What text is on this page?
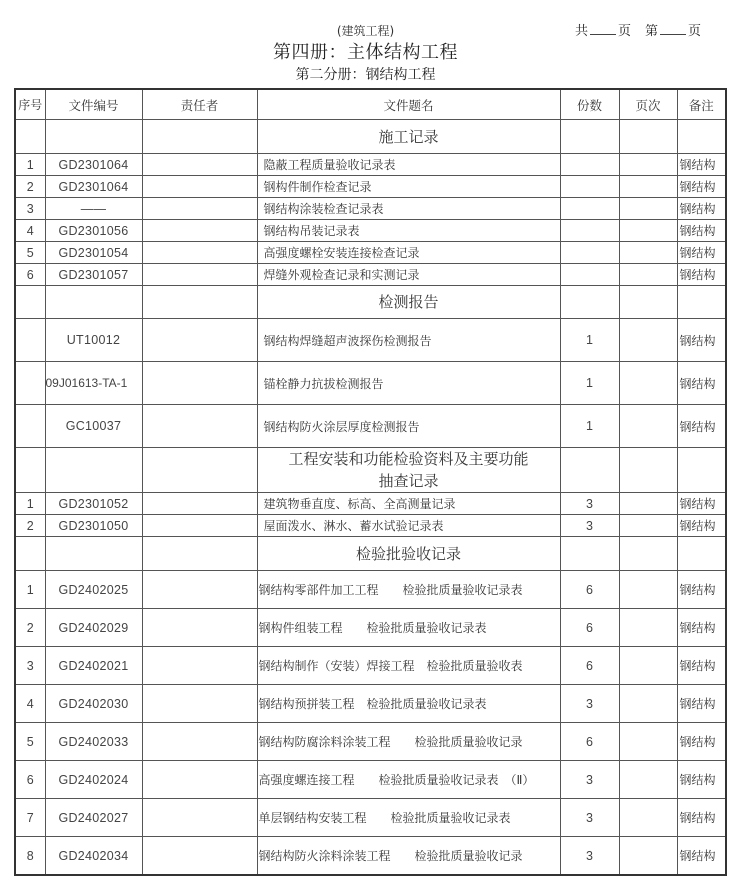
(建筑工程)
第四册：主体结构工程
第二分册：钢结构工程
共 页 第 页
序号	文件编号	责任者	文件题名	份数	页次	备注
			施工记录			
1	GD2301064		隐蔽工程质量验收记录表			钢结构
2	GD2301064		钢构件制作检查记录			钢结构
3	——		钢结构涂装检查记录表			钢结构
4	GD2301056		钢结构吊装记录表			钢结构
5	GD2301054		高强度螺栓安装连接检查记录			钢结构
6	GD2301057		焊缝外观检查记录和实测记录			钢结构
			检测报告			
	UT10012		钢结构焊缝超声波探伤检测报告	1		钢结构
	09J01613-TA-1		锚栓静力抗拔检测报告	1		钢结构
	GC10037		钢结构防火涂层厚度检测报告	1		钢结构

			工程安装和功能检验资料及主要功能
抽查记录			

1	GD2301052		建筑物垂直度、标高、全高测量记录	3		钢结构
2	GD2301050		屋面泼水、淋水、蓄水试验记录表	3		钢结构
			检验批验收记录			
1	GD2402025		钢结构零部件加工工程　　检验批质量验收记录表	6		钢结构
2	GD2402029		钢构件组装工程　　检验批质量验收记录表	6		钢结构
3	GD2402021		钢结构制作（安装）焊接工程　检验批质量验收表	6		钢结构
4	GD2402030		钢结构预拼装工程　检验批质量验收记录表	3		钢结构
5	GD2402033		钢结构防腐涂料涂装工程　　检验批质量验收记录	6		钢结构
6	GD2402024		高强度螺连接工程　　检验批质量验收记录表　（Ⅱ）	3		钢结构
7	GD2402027		单层钢结构安装工程　　检验批质量验收记录表	3		钢结构
8	GD2402034		钢结构防火涂料涂装工程　　检验批质量验收记录	3		钢结构
